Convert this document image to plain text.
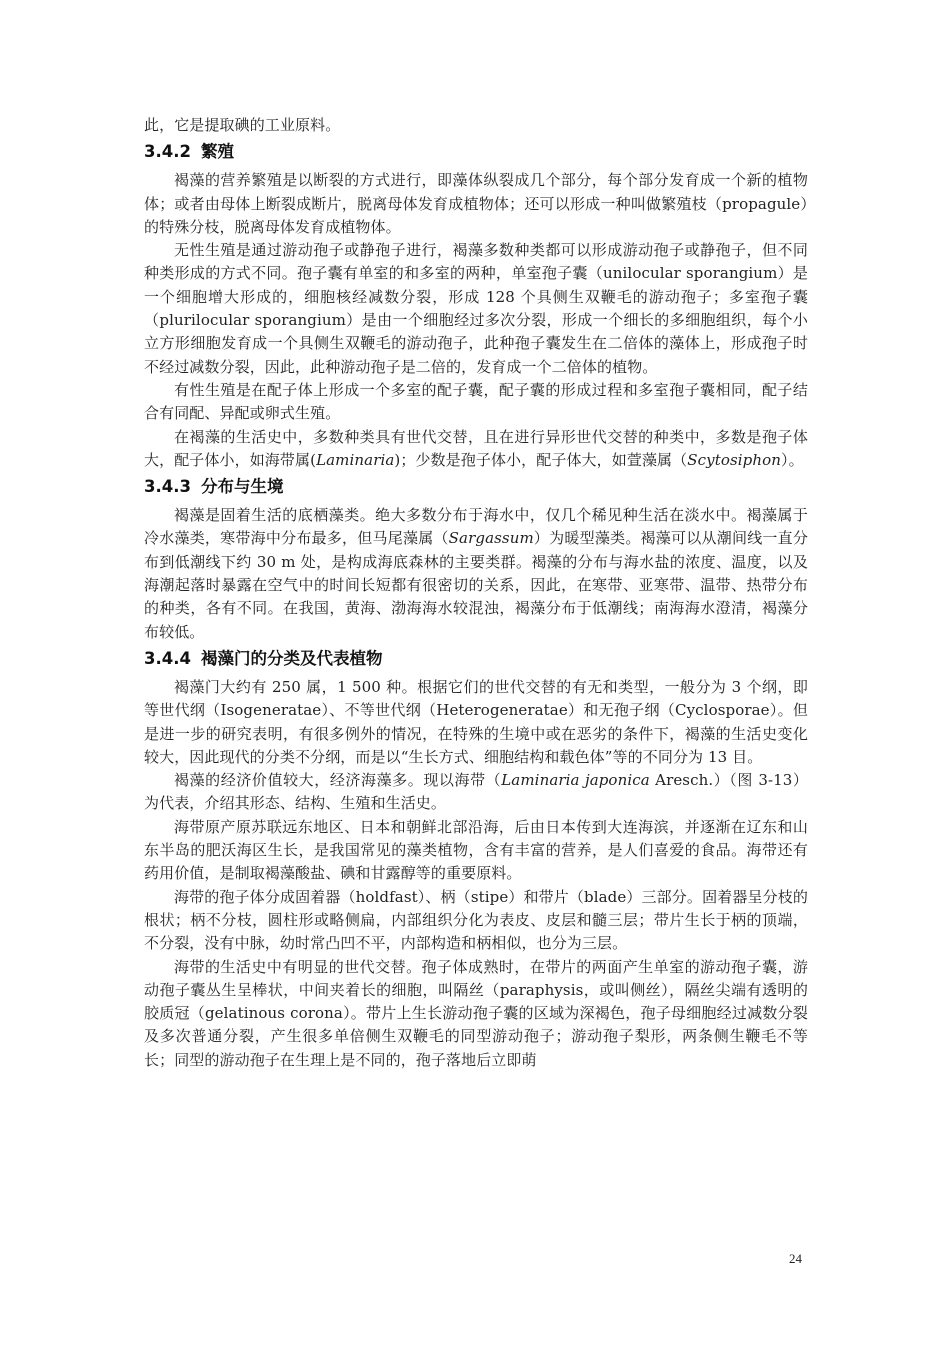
此，它是提取碘的工业原料。

3.4.2 繁殖

褐藻的营养繁殖是以断裂的方式进行，即藻体纵裂成几个部分，每个部分发育成一个新的植物体；或者由母体上断裂成断片，脱离母体发育成植物体；还可以形成一种叫做繁殖枝（propagule）的特殊分枝，脱离母体发育成植物体。

无性生殖是通过游动孢子或静孢子进行，褐藻多数种类都可以形成游动孢子或静孢子，但不同种类形成的方式不同。孢子囊有单室的和多室的两种，单室孢子囊（unilocular sporangium）是一个细胞增大形成的，细胞核经减数分裂，形成 128 个具侧生双鞭毛的游动孢子；多室孢子囊（plurilocular sporangium）是由一个细胞经过多次分裂，形成一个细长的多细胞组织，每个小立方形细胞发育成一个具侧生双鞭毛的游动孢子，此种孢子囊发生在二倍体的藻体上，形成孢子时不经过减数分裂，因此，此种游动孢子是二倍的，发育成一个二倍体的植物。

有性生殖是在配子体上形成一个多室的配子囊，配子囊的形成过程和多室孢子囊相同，配子结合有同配、异配或卵式生殖。

在褐藻的生活史中，多数种类具有世代交替，且在进行异形世代交替的种类中，多数是孢子体大，配子体小，如海带属(Laminaria)；少数是孢子体小，配子体大，如萱藻属（Scytosiphon）。

3.4.3 分布与生境

褐藻是固着生活的底栖藻类。绝大多数分布于海水中，仅几个稀见种生活在淡水中。褐藻属于冷水藻类，寒带海中分布最多，但马尾藻属（Sargassum）为暖型藻类。褐藻可以从潮间线一直分布到低潮线下约 30 m 处，是构成海底森林的主要类群。褐藻的分布与海水盐的浓度、温度，以及海潮起落时暴露在空气中的时间长短都有很密切的关系，因此，在寒带、亚寒带、温带、热带分布的种类，各有不同。在我国，黄海、渤海海水较混浊，褐藻分布于低潮线；南海海水澄清，褐藻分布较低。

3.4.4 褐藻门的分类及代表植物

褐藻门大约有 250 属，1 500 种。根据它们的世代交替的有无和类型，一般分为 3 个纲，即等世代纲（Isogeneratae）、不等世代纲（Heterogeneratae）和无孢子纲（Cyclosporae）。但是进一步的研究表明，有很多例外的情况，在特殊的生境中或在恶劣的条件下，褐藻的生活史变化较大，因此现代的分类不分纲，而是以“生长方式、细胞结构和载色体”等的不同分为 13 目。

褐藻的经济价值较大，经济海藻多。现以海带（Laminaria japonica Aresch.）（图 3-13）为代表，介绍其形态、结构、生殖和生活史。

海带原产原苏联远东地区、日本和朝鲜北部沿海，后由日本传到大连海滨，并逐渐在辽东和山东半岛的肥沃海区生长，是我国常见的藻类植物，含有丰富的营养，是人们喜爱的食品。海带还有药用价值，是制取褐藻酸盐、碘和甘露醇等的重要原料。

海带的孢子体分成固着器（holdfast）、柄（stipe）和带片（blade）三部分。固着器呈分枝的根状；柄不分枝，圆柱形或略侧扁，内部组织分化为表皮、皮层和髓三层；带片生长于柄的顶端，不分裂，没有中脉，幼时常凸凹不平，内部构造和柄相似，也分为三层。

海带的生活史中有明显的世代交替。孢子体成熟时，在带片的两面产生单室的游动孢子囊，游动孢子囊丛生呈棒状，中间夹着长的细胞，叫隔丝（paraphysis，或叫侧丝），隔丝尖端有透明的胶质冠（gelatinous corona）。带片上生长游动孢子囊的区域为深褐色，孢子母细胞经过减数分裂及多次普通分裂，产生很多单倍侧生双鞭毛的同型游动孢子；游动孢子梨形，两条侧生鞭毛不等长；同型的游动孢子在生理上是不同的，孢子落地后立即萌

24
